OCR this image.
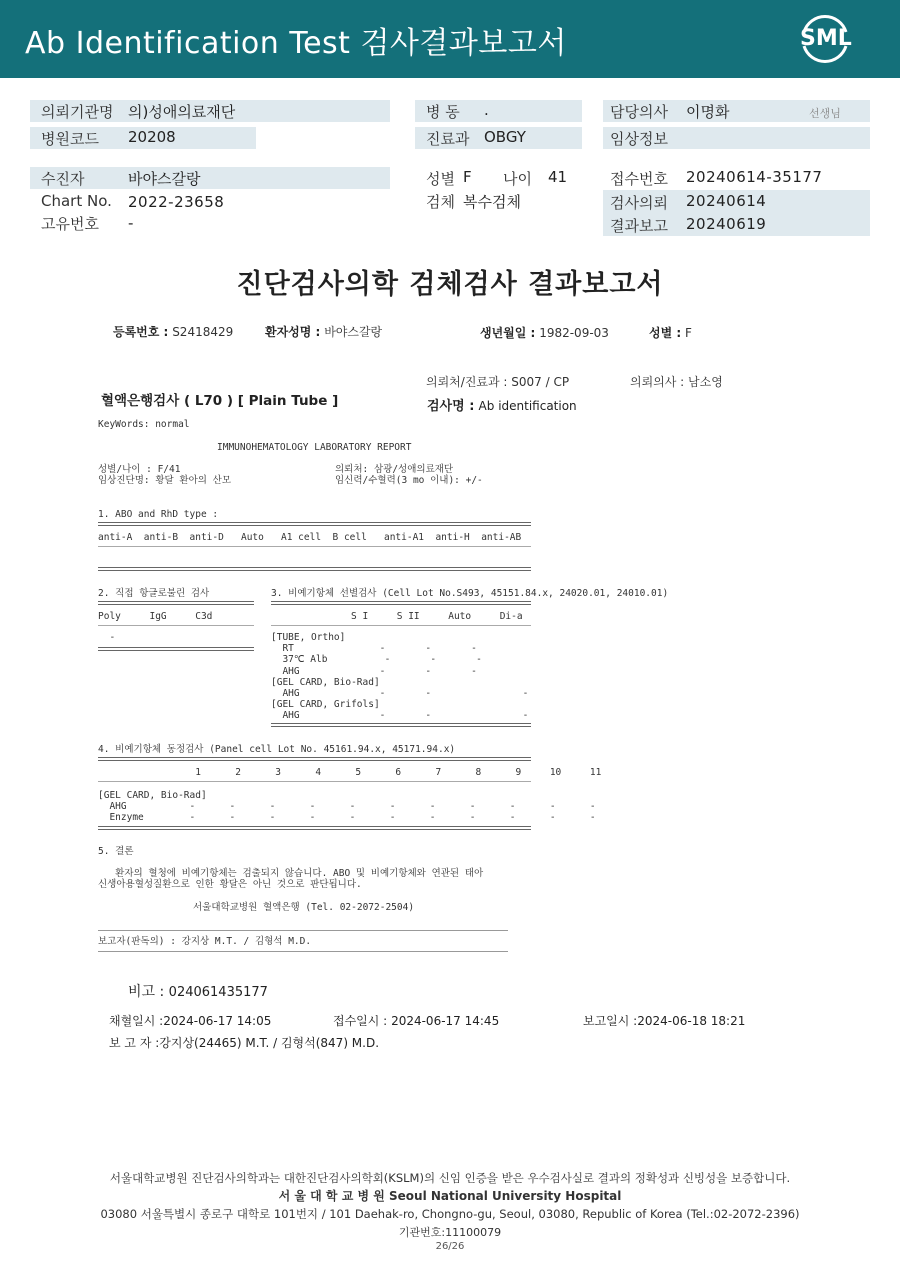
Ab Identification Test 검사결과보고서	SML
의뢰기관명 의)성애의료재단
병원코드 20208
병 동 .
진료과 OBGY
담당의사 이명화	선생님
임상정보
수진자	바야스갈랑
Chart No. 2022-23658
고유번호 -
성별 F 나이 41
검체 복수검체
접수번호 20240614-35177
검사의뢰 20240614
결과보고 20240619
진단검사의학 검체검사 결과보고서
등록번호 : S2418429	환자성명 : 바야스갈랑	생년월일 : 1982-09-03	성별 : F
의뢰처/진료과 : S007 / CP	의뢰의사 : 남소영
혈액은행검사 ( L70 ) [ Plain Tube ]	검사명 : Ab identification
KeyWords: normal
IMMUNOHEMATOLOGY LABORATORY REPORT
성별/나이 : F/41
임상진단명: 황달 환아의 산모
의뢰처: 삼광/성애의료재단
임신력/수혈력(3 mo 이내): +/-
1. ABO and RhD type :
anti-A  anti-B  anti-D   Auto   A1 cell  B cell   anti-A1  anti-H  anti-AB
2. 직접 항글로불린 검사
Poly     IgG     C3d
-
3. 비예기항체 선별검사 (Cell Lot No.S493, 45151.84.x, 24020.01, 24010.01)
S I     S II     Auto     Di-a
[TUBE, Ortho]
RT               -       -       -
37℃ Alb          -       -       -
AHG              -       -       -
[GEL CARD, Bio-Rad]
AHG              -       -                -
[GEL CARD, Grifols]
AHG              -       -                -
4. 비예기항체 동정검사 (Panel cell Lot No. 45161.94.x, 45171.94.x)
1      2      3      4      5      6      7      8      9     10     11
[GEL CARD, Bio-Rad]
AHG           -      -      -      -      -      -      -      -      -      -      -
Enzyme        -      -      -      -      -      -      -      -      -      -      -
5. 결론
환자의 혈청에 비예기항체는 검출되지 않습니다. ABO 및 비예기항체와 연관된 태아
신생아용혈성질환으로 인한 황달은 아닌 것으로 판단됩니다.
서울대학교병원 혈액은행 (Tel. 02-2072-2504)
보고자(판독의) : 강지상 M.T. / 김형석 M.D.
비고 : 024061435177
채혈일시 :2024-06-17 14:05	접수일시 : 2024-06-17 14:45	보고일시 :2024-06-18 18:21
보 고 자 :강지상(24465) M.T. / 김형석(847) M.D.
서울대학교병원 진단검사의학과는 대한진단검사의학회(KSLM)의 신임 인증을 받은 우수검사실로 결과의 정확성과 신빙성을 보증합니다.
서 울 대 학 교 병 원 Seoul National University Hospital
03080 서울특별시 종로구 대학로 101번지 / 101 Daehak-ro, Chongno-gu, Seoul, 03080, Republic of Korea (Tel.:02-2072-2396)
기관번호:11100079
26/26
